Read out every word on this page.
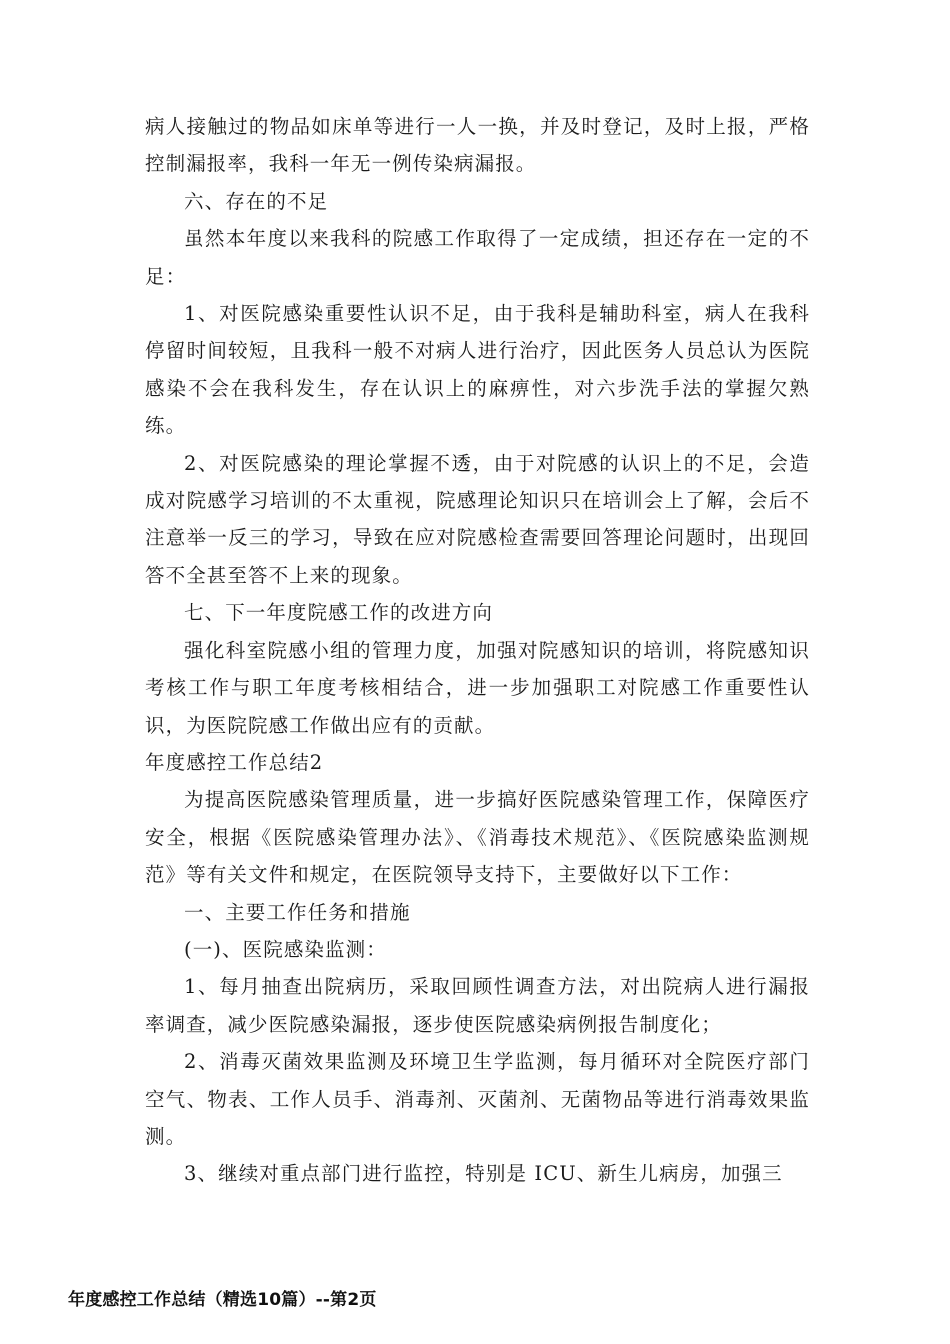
病人接触过的物品如床单等进行一人一换，并及时登记，及时上报，严格控制漏报率，我科一年无一例传染病漏报。

六、存在的不足

虽然本年度以来我科的院感工作取得了一定成绩，担还存在一定的不足：

1、对医院感染重要性认识不足，由于我科是辅助科室，病人在我科停留时间较短，且我科一般不对病人进行治疗，因此医务人员总认为医院感染不会在我科发生，存在认识上的麻痹性，对六步洗手法的掌握欠熟练。

2、对医院感染的理论掌握不透，由于对院感的认识上的不足，会造成对院感学习培训的不太重视，院感理论知识只在培训会上了解，会后不注意举一反三的学习，导致在应对院感检查需要回答理论问题时，出现回答不全甚至答不上来的现象。

七、下一年度院感工作的改进方向

强化科室院感小组的管理力度，加强对院感知识的培训，将院感知识考核工作与职工年度考核相结合，进一步加强职工对院感工作重要性认识，为医院院感工作做出应有的贡献。

年度感控工作总结2

为提高医院感染管理质量，进一步搞好医院感染管理工作，保障医疗安全，根据《医院感染管理办法》、《消毒技术规范》、《医院感染监测规范》等有关文件和规定，在医院领导支持下，主要做好以下工作：

一、主要工作任务和措施

(一)、医院感染监测：

1、每月抽查出院病历，采取回顾性调查方法，对出院病人进行漏报率调查，减少医院感染漏报，逐步使医院感染病例报告制度化；

2、消毒灭菌效果监测及环境卫生学监测，每月循环对全院医疗部门空气、物表、工作人员手、消毒剂、灭菌剂、无菌物品等进行消毒效果监测。

3、继续对重点部门进行监控，特别是 ICU、新生儿病房，加强三

年度感控工作总结（精选10篇）--第2页
